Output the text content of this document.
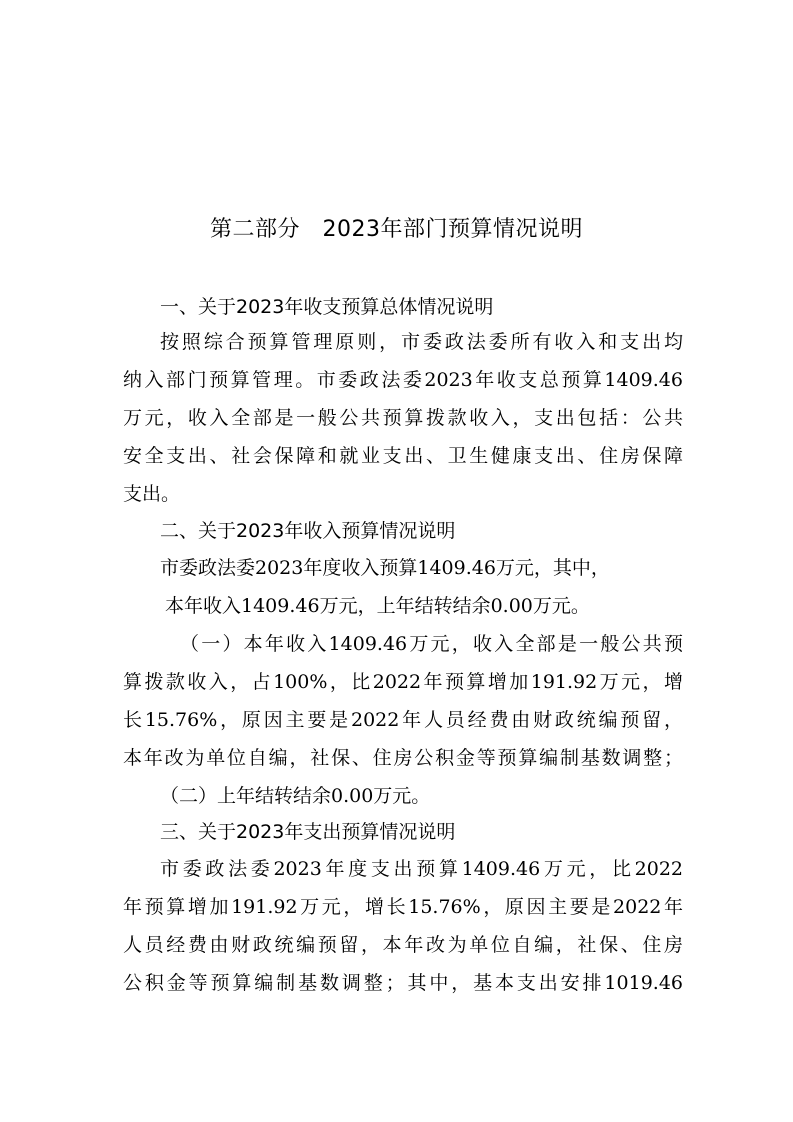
第二部分　2023年部门预算情况说明
一、关于2023年收支预算总体情况说明
按照综合预算管理原则，市委政法委所有收入和支出均
纳入部门预算管理。市委政法委2023年收支总预算1409.46
万元，收入全部是一般公共预算拨款收入，支出包括：公共
安全支出、社会保障和就业支出、卫生健康支出、住房保障
支出。
二、关于2023年收入预算情况说明
市委政法委2023年度收入预算1409.46万元，其中，
本年收入1409.46万元，上年结转结余0.00万元。
（一）本年收入1409.46万元，收入全部是一般公共预
算拨款收入，占100%，比2022年预算增加191.92万元，增
长15.76%，原因主要是2022年人员经费由财政统编预留，
本年改为单位自编，社保、住房公积金等预算编制基数调整；
（二）上年结转结余0.00万元。
三、关于2023年支出预算情况说明
市委政法委2023年度支出预算1409.46万元，比2022
年预算增加191.92万元，增长15.76%，原因主要是2022年
人员经费由财政统编预留，本年改为单位自编，社保、住房
公积金等预算编制基数调整；其中，基本支出安排1019.46
